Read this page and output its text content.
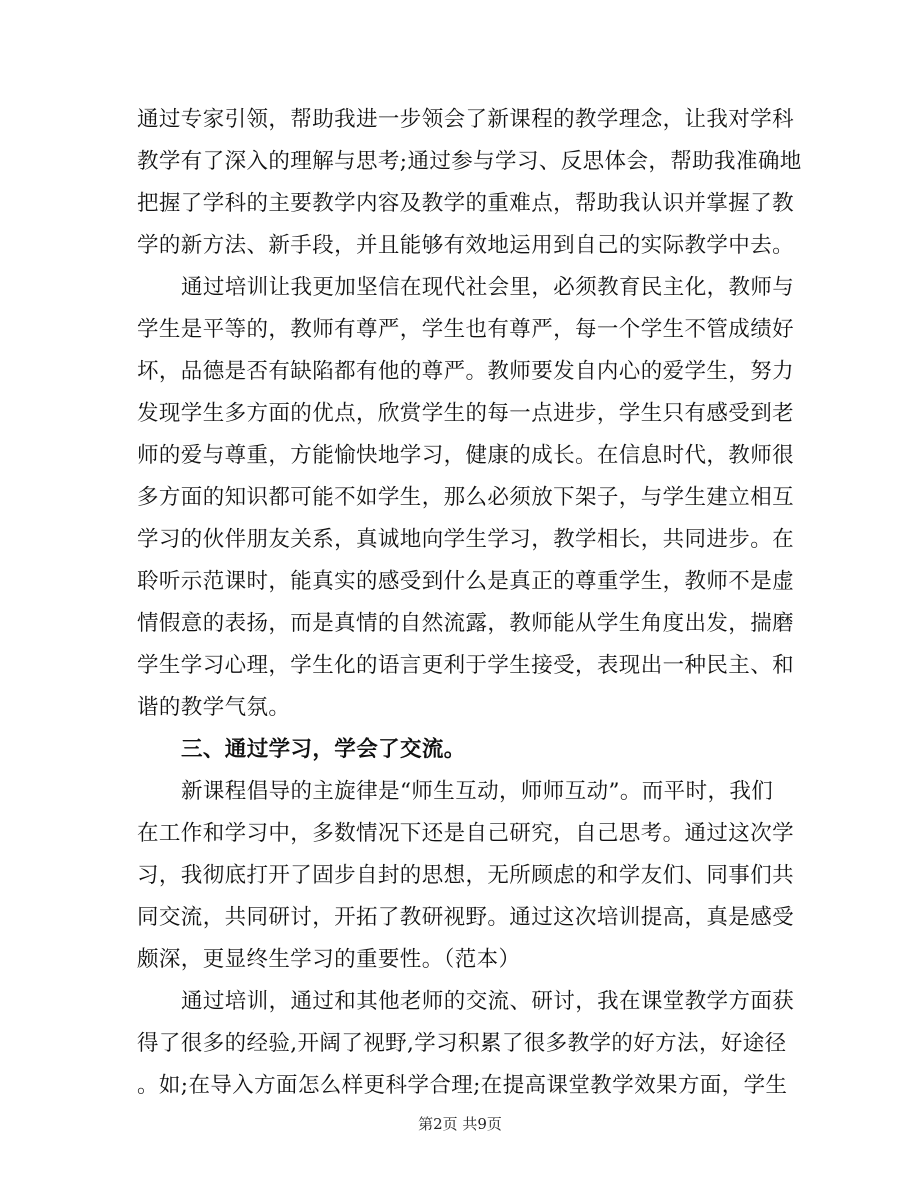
通过专家引领，帮助我进一步领会了新课程的教学理念，让我对学科
教学有了深入的理解与思考;通过参与学习、反思体会，帮助我准确地
把握了学科的主要教学内容及教学的重难点，帮助我认识并掌握了教
学的新方法、新手段，并且能够有效地运用到自己的实际教学中去。
通过培训让我更加坚信在现代社会里，必须教育民主化，教师与
学生是平等的，教师有尊严，学生也有尊严，每一个学生不管成绩好
坏，品德是否有缺陷都有他的尊严。教师要发自内心的爱学生，努力
发现学生多方面的优点，欣赏学生的每一点进步，学生只有感受到老
师的爱与尊重，方能愉快地学习，健康的成长。在信息时代，教师很
多方面的知识都可能不如学生，那么必须放下架子，与学生建立相互
学习的伙伴朋友关系，真诚地向学生学习，教学相长，共同进步。在
聆听示范课时，能真实的感受到什么是真正的尊重学生，教师不是虚
情假意的表扬，而是真情的自然流露，教师能从学生角度出发，揣磨
学生学习心理，学生化的语言更利于学生接受，表现出一种民主、和
谐的教学气氛。
三、通过学习，学会了交流。
新课程倡导的主旋律是“师生互动，师师互动”。而平时，我们
在工作和学习中，多数情况下还是自己研究，自己思考。通过这次学
习，我彻底打开了固步自封的思想，无所顾虑的和学友们、同事们共
同交流，共同研讨，开拓了教研视野。通过这次培训提高，真是感受
颇深，更显终生学习的重要性。（范本）
通过培训，通过和其他老师的交流、研讨，我在课堂教学方面获
得了很多的经验,开阔了视野,学习积累了很多教学的好方法，好途径
。如;在导入方面怎么样更科学合理;在提高课堂教学效果方面，学生
第2页 共9页
